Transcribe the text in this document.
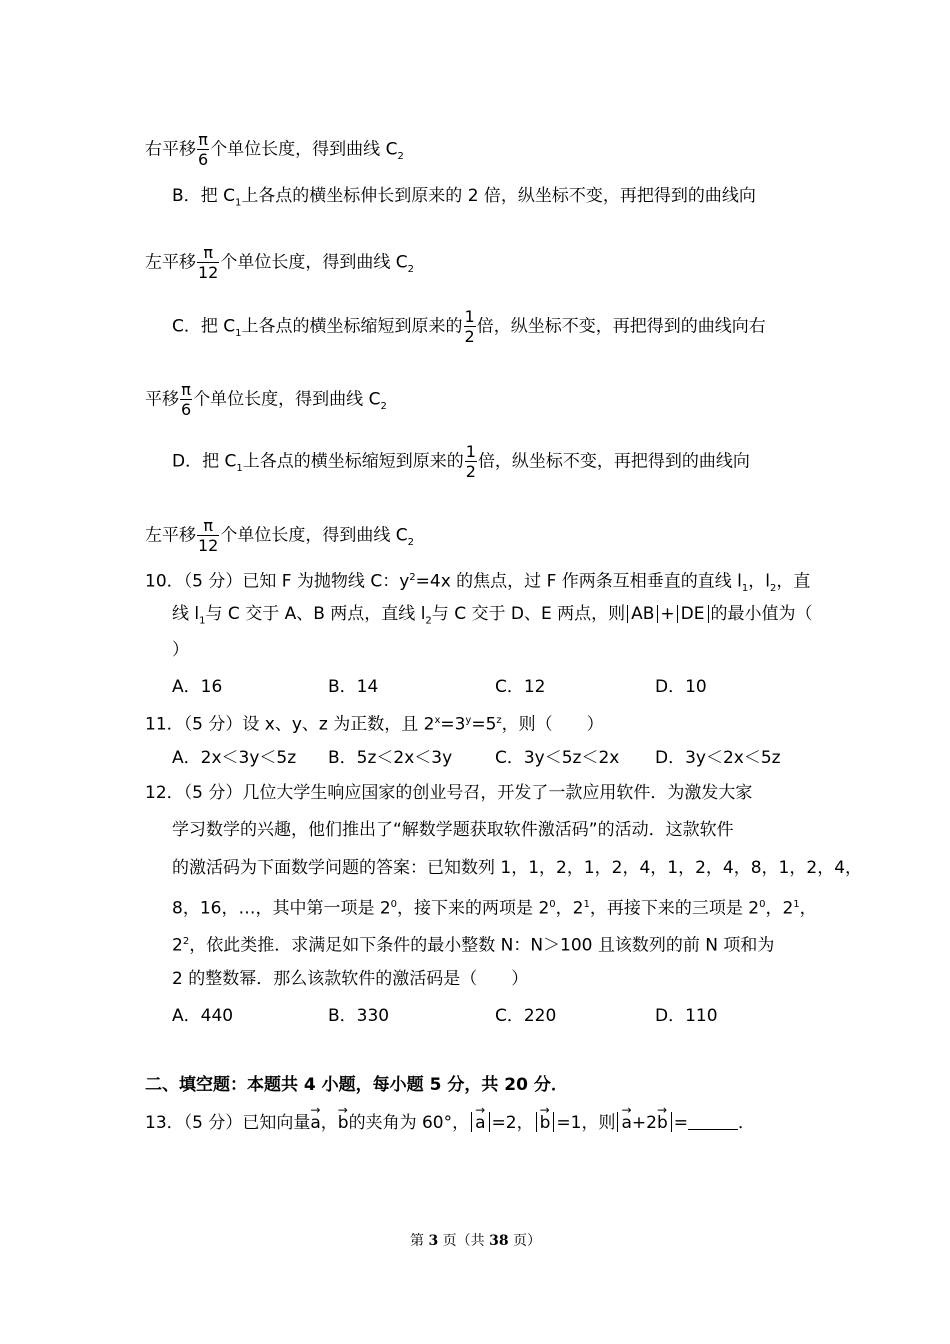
右平移 $\frac{\pi}{6}$ 个单位长度，得到曲线 $C_2$
B．把 $C_1$上各点的横坐标伸长到原来的 2 倍，纵坐标不变，再把得到的曲线向
左平移 $\frac{\pi}{12}$ 个单位长度，得到曲线 $C_2$
C．把 $C_1$上各点的横坐标缩短到原来的 $\frac{1}{2}$ 倍，纵坐标不变，再把得到的曲线向右
平移 $\frac{\pi}{6}$ 个单位长度，得到曲线 $C_2$
D．把 $C_1$上各点的横坐标缩短到原来的 $\frac{1}{2}$ 倍，纵坐标不变，再把得到的曲线向
左平移 $\frac{\pi}{12}$ 个单位长度，得到曲线 $C_2$
10．（5 分）已知 F 为抛物线 C：$y^2=4x$ 的焦点，过 F 作两条互相垂直的直线 $l_1$，$l_2$，直
线 $l_1$与 C 交于 A、B 两点，直线 $l_2$与 C 交于 D、E 两点，则 AB + DE 的最小值为（
）
A．16	B．14	C．12	D．10
11．（5 分）设 x、y、z 为正数，且 $2^x=3^y=5^z$，则（　　）
A．2x＜3y＜5z B．5z＜2x＜3y	C．3y＜5z＜2x D．3y＜2x＜5z
12．（5 分）几位大学生响应国家的创业号召，开发了一款应用软件．为激发大家
学习数学的兴趣，他们推出了“解数学题获取软件激活码”的活动．这款软件
的激活码为下面数学问题的答案：已知数列 1，1，2，1，2，4，1，2，4，8，1，2，4，
8，16，…，其中第一项是 $2^0$，接下来的两项是 $2^0$，$2^1$，再接下来的三项是 $2^0$，$2^1$，
$2^2$，依此类推．求满足如下条件的最小整数 N：N＞100 且该数列的前 N 项和为
2 的整数幂．那么该款软件的激活码是（　　）
A．440	B．330	C．220	D．110
二、填空题：本题共 4 小题，每小题 5 分，共 20 分．
13．（5 分）已知向量→ a，→ b的夹角为 60°， → a =2， → b =1，则 → a+2→ b =	．
第 3 页（共 38 页）
